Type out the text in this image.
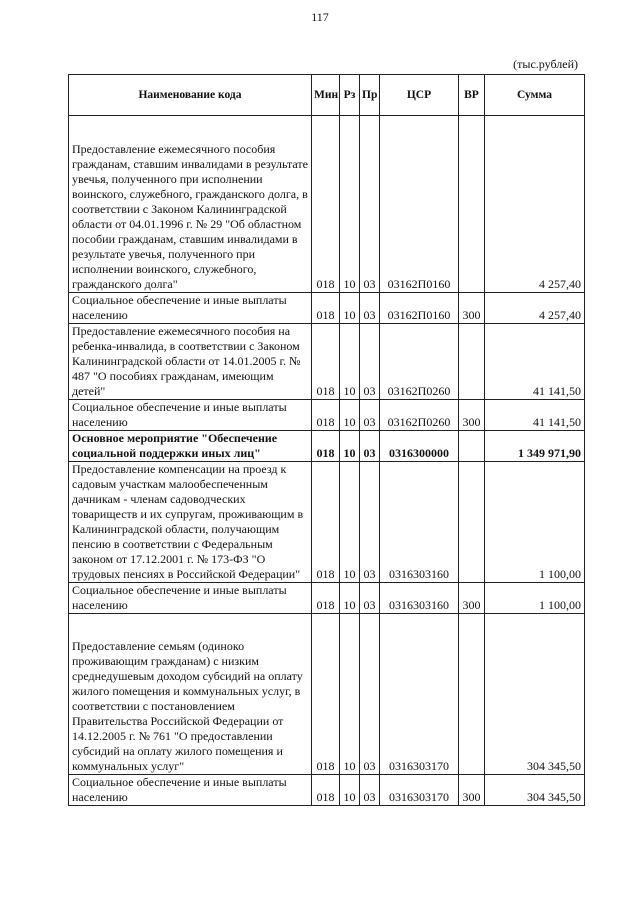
117
(тыс.рублей)
Наименование кода	Мин	Рз	Пр	ЦСР	ВР	Сумма
Предоставление ежемесячного пособия гражданам, ставшим инвалидами в результате увечья, полученного при исполнении воинского, служебного, гражданского долга, в соответствии с Законом Калининградской области от 04.01.1996 г. № 29 "Об областном пособии гражданам, ставшим инвалидами в результате увечья, полученного при исполнении воинского, служебного, гражданского долга"	018	10	03	03162П0160		4 257,40
Социальное обеспечение и иные выплаты населению	018	10	03	03162П0160	300	4 257,40
Предоставление ежемесячного пособия на ребенка-инвалида, в соответствии с Законом Калининградской области от 14.01.2005 г. № 487 "О пособиях гражданам, имеющим детей"	018	10	03	03162П0260		41 141,50
Социальное обеспечение и иные выплаты населению	018	10	03	03162П0260	300	41 141,50
Основное мероприятие "Обеспечение социальной поддержки иных лиц"	018	10	03	0316300000		1 349 971,90
Предоставление компенсации на проезд к садовым участкам малообеспеченным дачникам - членам садоводческих товариществ и их супругам, проживающим в Калининградской области, получающим пенсию в соответствии с Федеральным законом от 17.12.2001 г. № 173-ФЗ "О трудовых пенсиях в Российской Федерации"	018	10	03	0316303160		1 100,00
Социальное обеспечение и иные выплаты населению	018	10	03	0316303160	300	1 100,00
Предоставление семьям (одиноко проживающим гражданам) с низким среднедушевым доходом субсидий на оплату жилого помещения и коммунальных услуг, в соответствии с постановлением Правительства Российской Федерации от 14.12.2005 г. № 761 "О предоставлении субсидий на оплату жилого помещения и коммунальных услуг"	018	10	03	0316303170		304 345,50
Социальное обеспечение и иные выплаты населению	018	10	03	0316303170	300	304 345,50
